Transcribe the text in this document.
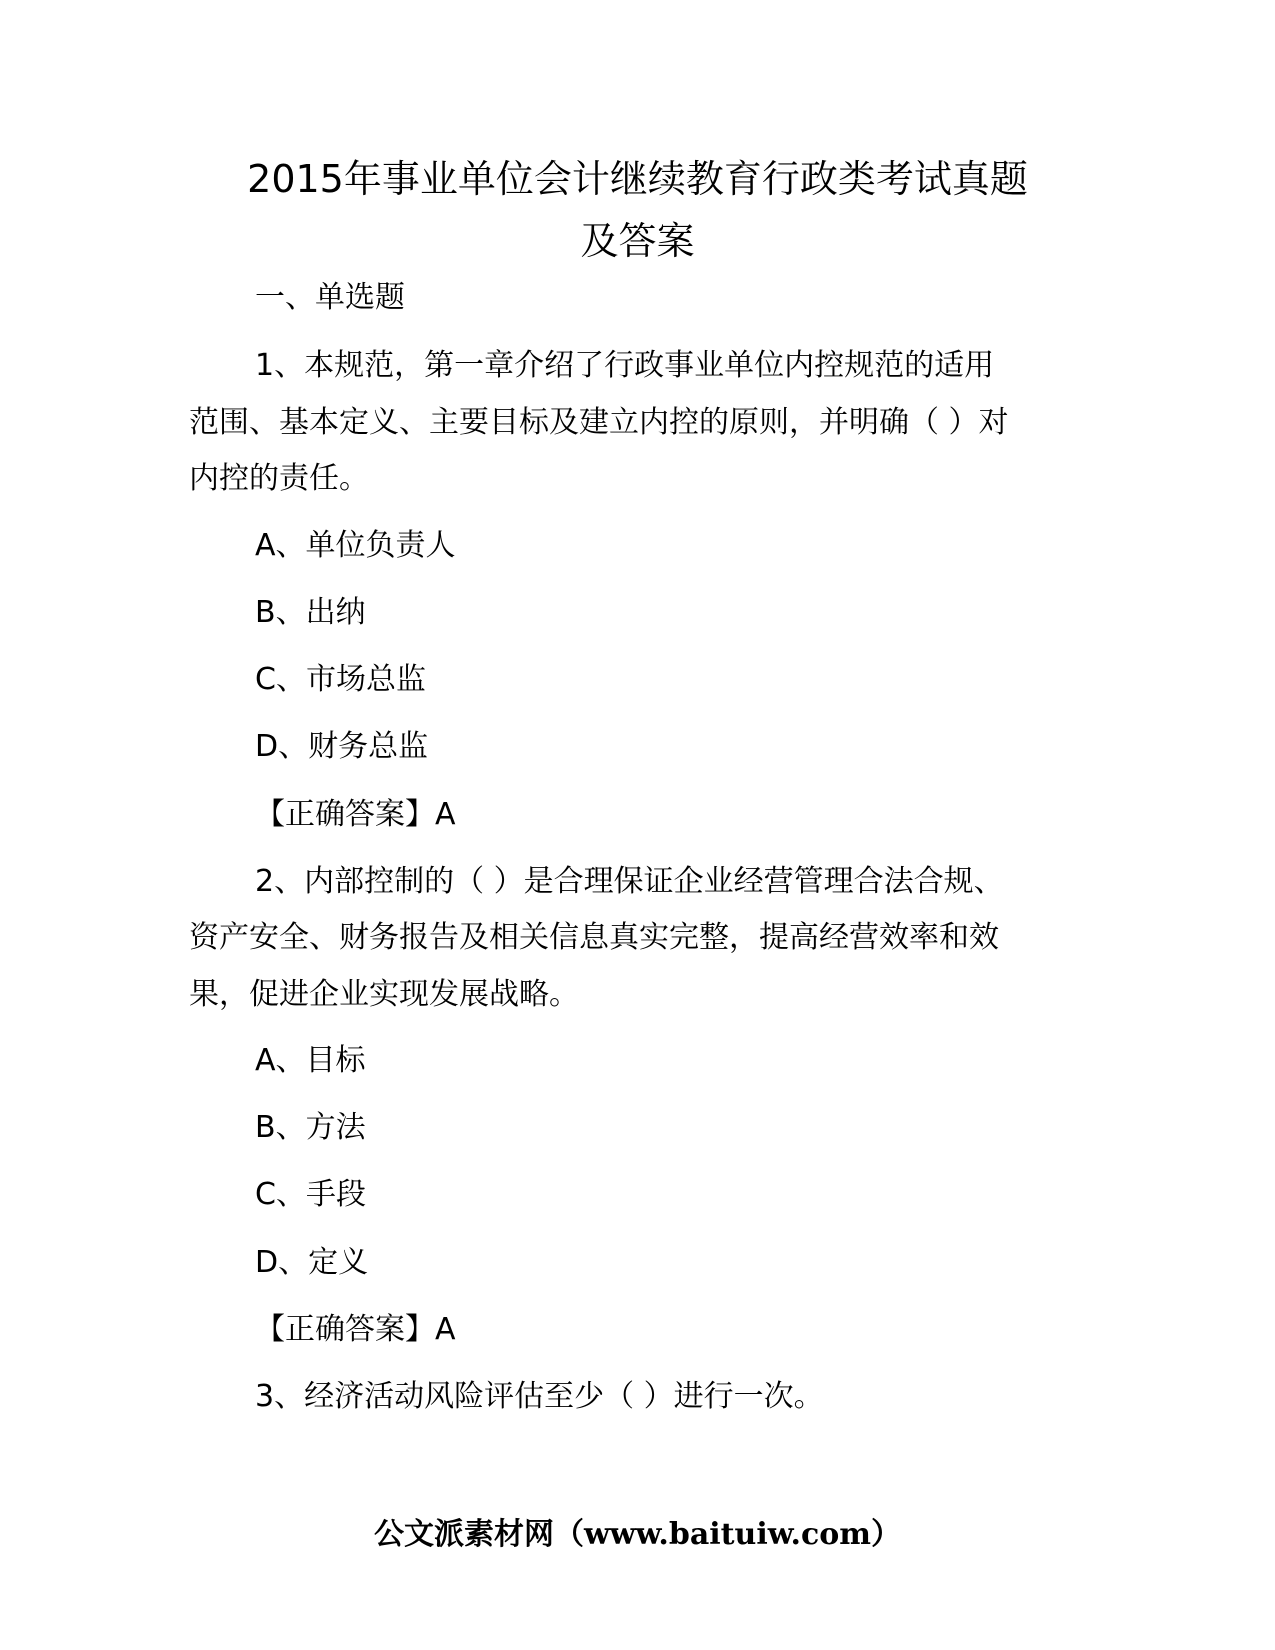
2015年事业单位会计继续教育行政类考试真题
及答案
一、单选题
1、本规范，第一章介绍了行政事业单位内控规范的适用
范围、基本定义、主要目标及建立内控的原则，并明确（ ）对
内控的责任。
A、单位负责人
B、出纳
C、市场总监
D、财务总监
【正确答案】A
2、内部控制的（ ）是合理保证企业经营管理合法合规、
资产安全、财务报告及相关信息真实完整，提高经营效率和效
果，促进企业实现发展战略。
A、目标
B、方法
C、手段
D、定义
【正确答案】A
3、经济活动风险评估至少（ ）进行一次。
公文派素材网（www.baituiw.com）
